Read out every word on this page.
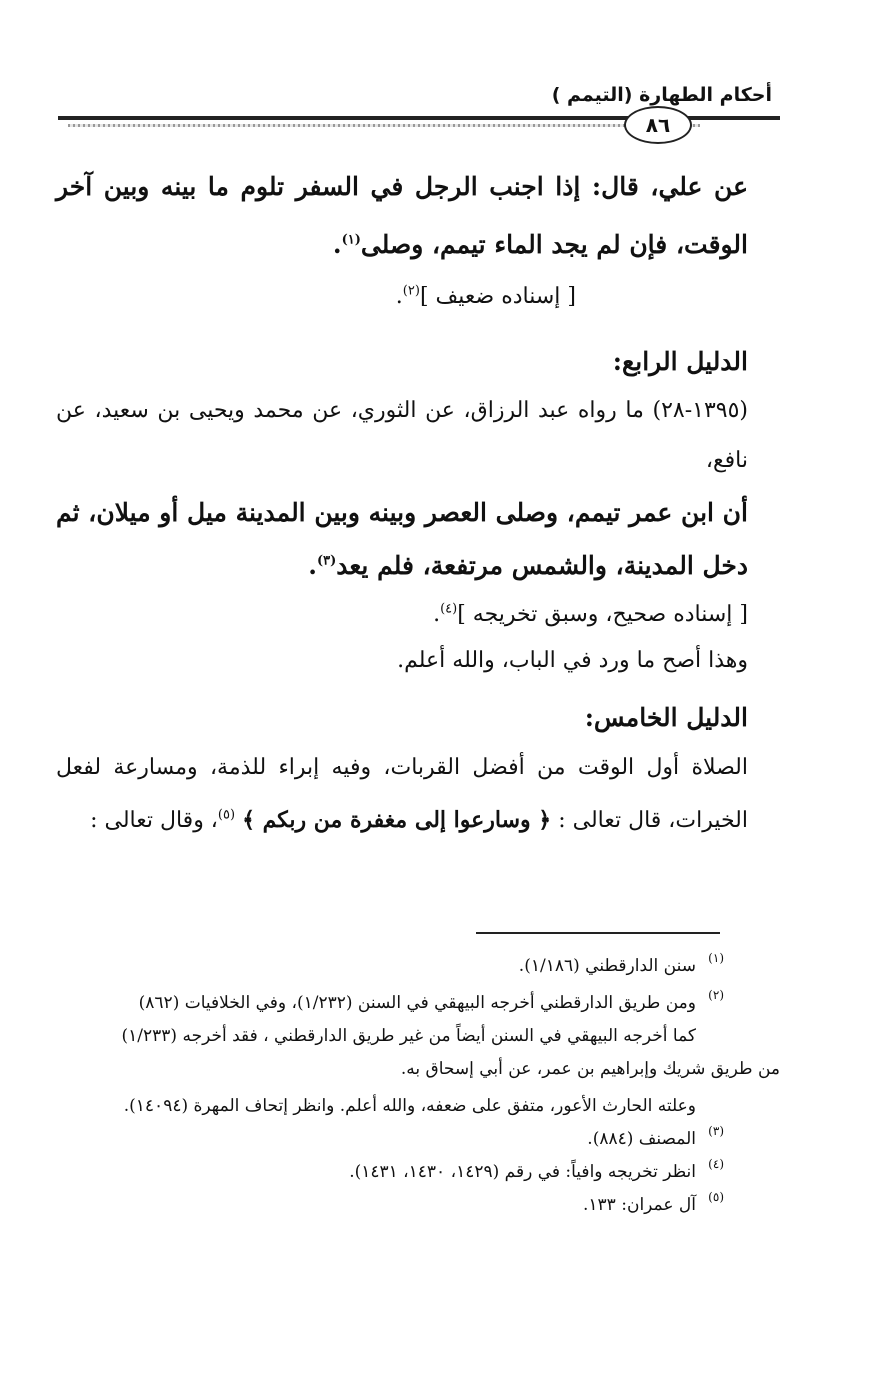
أحكام الطهارة (التيمم )
٨٦

عن علي، قال: إذا اجنب الرجل في السفر تلوم ما بينه وبين آخر الوقت، فإن لم يجد الماء تيمم، وصلى$^{(١)}$.

[ إسناده ضعيف ]$^{(٢)}$.

الدليل الرابع:

(١٣٩٥-٢٨) ما رواه عبد الرزاق، عن الثوري، عن محمد ويحيى بن سعيد، عن نافع،

أن ابن عمر تيمم، وصلى العصر وبينه وبين المدينة ميل أو ميلان، ثم دخل المدينة، والشمس مرتفعة، فلم يعد$^{(٣)}$.

[ إسناده صحيح، وسبق تخريجه ]$^{(٤)}$.

وهذا أصح ما ورد في الباب، والله أعلم.

الدليل الخامس:

الصلاة أول الوقت من أفضل القربات، وفيه إبراء للذمة، ومسارعة لفعل الخيرات، قال تعالى : ﴿ وسارعوا إلى مغفرة من ربكم ﴾ $^{(٥)}$، وقال تعالى :

(١)
سنن الدارقطني (١/١٨٦).

(٢)
ومن طريق الدارقطني أخرجه البيهقي في السنن (١/٢٣٢)، وفي الخلافيات (٨٦٢)

كما أخرجه البيهقي في السنن أيضاً من غير طريق الدارقطني ، فقد أخرجه (١/٢٣٣)

من طريق شريك وإبراهيم بن عمر، عن أبي إسحاق به.

وعلته الحارث الأعور، متفق على ضعفه، والله أعلم. وانظر إتحاف المهرة (١٤٠٩٤).

(٣)
المصنف (٨٨٤).

(٤)
انظر تخريجه وافياً: في رقم (١٤٢٩، ١٤٣٠، ١٤٣١).

(٥)
آل عمران: ١٣٣.
